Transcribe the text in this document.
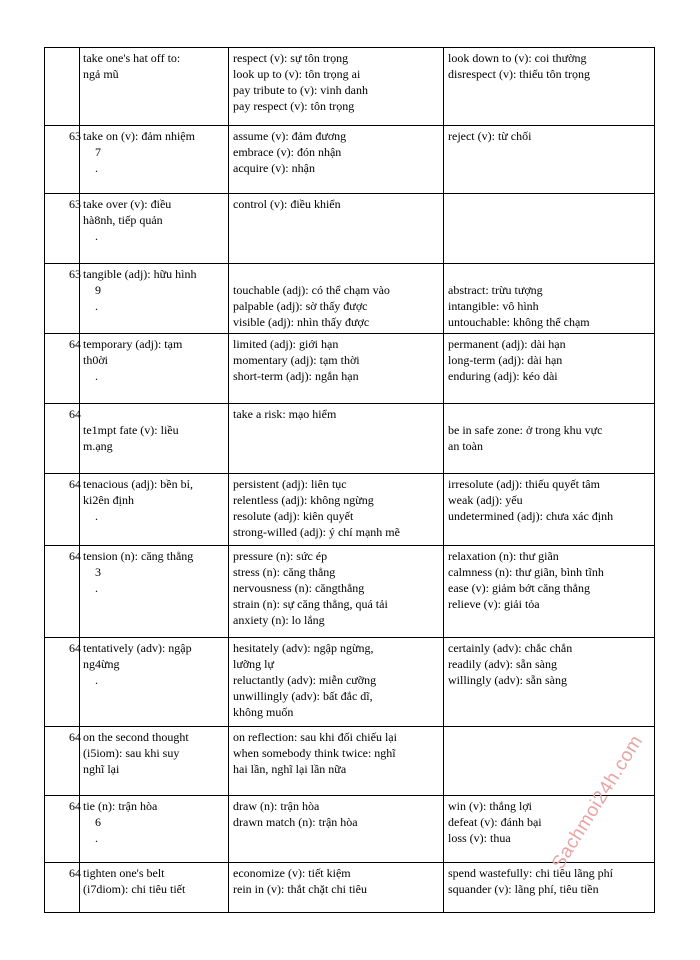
	take one's hat off to:
ngả mũ	respect (v): sự tôn trọng
look up to (v): tôn trọng ai
pay tribute to (v): vinh danh
pay respect (v): tôn trọng	look down to (v): coi thường
disrespect (v): thiếu tôn trọng

63	take on (v): đảm nhiệm
7
.	assume (v): đảm đương
embrace (v): đón nhận
acquire (v): nhận	reject (v): từ chối

63	take over (v): điều
hà8nh, tiếp quản
.	control (v): điều khiển	

63	tangible (adj): hữu hình
9
.	touchable (adj): có thể chạm vào
palpable (adj): sờ thấy được
visible (adj): nhìn thấy được	abstract: trừu tượng
intangible: vô hình
untouchable: không thể chạm

64	temporary (adj): tạm
th0ời
.	limited (adj): giới hạn
momentary (adj): tạm thời
short-term (adj): ngắn hạn	permanent (adj): dài hạn
long-term (adj): dài hạn
enduring (adj): kéo dài

64	te1mpt fate (v): liều
m.ạng	take a risk: mạo hiểm	be in safe zone: ở trong khu vực
an toàn

64	tenacious (adj): bền bỉ,
ki2ên định
.	persistent (adj): liên tục
relentless (adj): không ngừng
resolute (adj): kiên quyết
strong-willed (adj): ý chí mạnh mẽ	irresolute (adj): thiếu quyết tâm
weak (adj): yếu
undetermined (adj): chưa xác định

64	tension (n): căng thẳng
3
.	pressure (n): sức ép
stress (n): căng thẳng
nervousness (n): căngthẳng
strain (n): sự căng thẳng, quá tải
anxiety (n): lo lắng	relaxation (n): thư giãn
calmness (n): thư giãn, bình tĩnh
ease (v): giảm bớt căng thẳng
relieve (v): giải tỏa

64	tentatively (adv): ngập
ng4ừng
.	hesitately (adv): ngập ngừng,
lưỡng lự
reluctantly (adv): miễn cưỡng
unwillingly (adv): bất đắc dĩ,
không muốn	certainly (adv): chắc chắn
readily (adv): sẵn sàng
willingly (adv): sẵn sàng

64	on the second thought
(i5iom): sau khi suy
nghĩ lại	on reflection: sau khi đối chiếu lại
when somebody think twice: nghĩ
hai lần, nghĩ lại lần nữa	

64	tie (n): trận hòa
6
.	draw (n): trận hòa
drawn match (n): trận hòa	win (v): thắng lợi
defeat (v): đánh bại
loss (v): thua

64	tighten one's belt
(i7diom): chi tiêu tiết	economize (v): tiết kiệm
rein in (v): thắt chặt chi tiêu	spend wastefully: chi tiêu lãng phí
squander (v): lãng phí, tiêu tiền
Sachmoi24h.com
